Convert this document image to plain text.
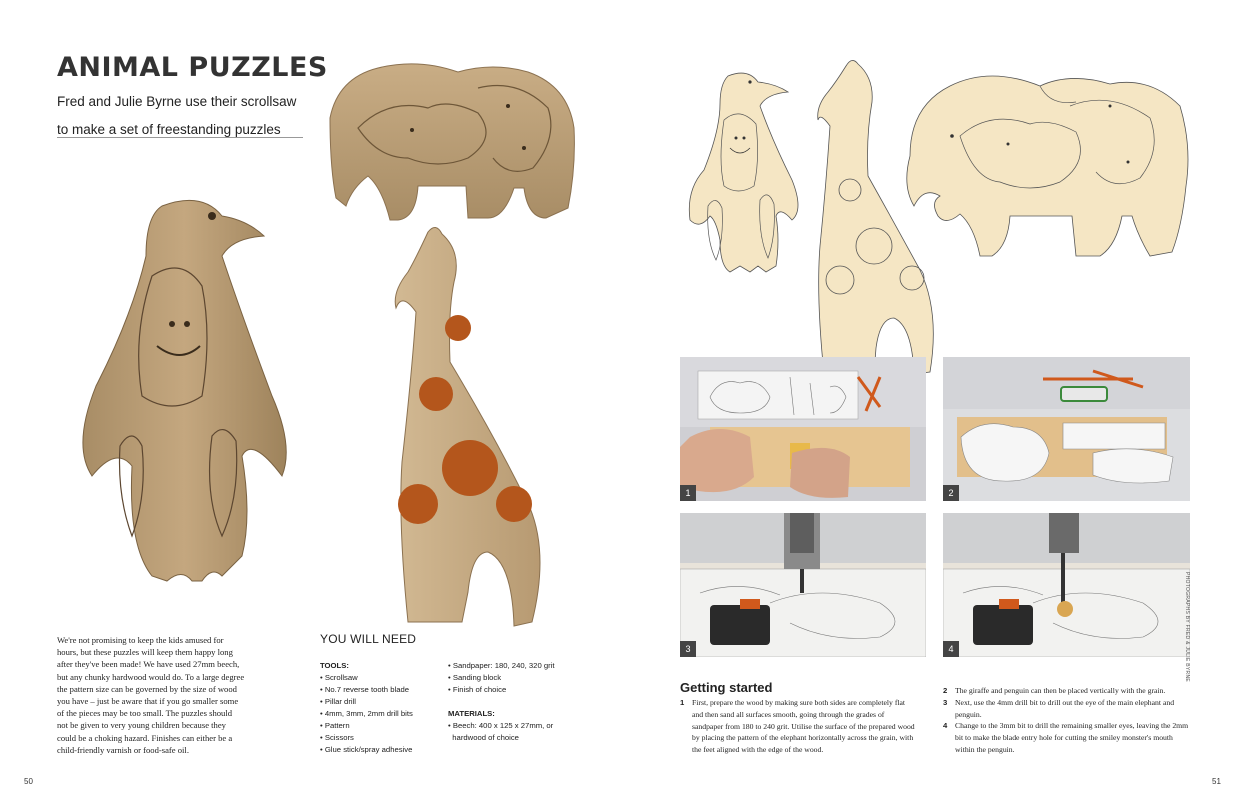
ANIMAL PUZZLES
Fred and Julie Byrne use their scrollsaw
to make a set of freestanding puzzles
We're not promising to keep the kids amused for hours, but these puzzles will keep them happy long after they've been made! We have used 27mm beech, but any chunky hardwood would do. To a large degree the pattern size can be governed by the size of wood you have – just be aware that if you go smaller some of the pieces may be too small. The puzzles should not be given to very young children because they could be a choking hazard. Finishes can either be a child-friendly varnish or food-safe oil.
YOU WILL NEED
TOOLS:
• Scrollsaw
• No.7 reverse tooth blade
• Pillar drill
• 4mm, 3mm, 2mm drill bits
• Pattern
• Scissors
• Glue stick/spray adhesive
• Sandpaper: 180, 240, 320 grit
• Sanding block
• Finish of choice
MATERIALS:
• Beech: 400 x 125 x 27mm, or
hardwood of choice
50
1	2
3	4	PHOTOGRAPHS BY FRED & JULIE BYRNE
Getting started
1 First, prepare the wood by making sure both sides are completely flat and then sand all surfaces smooth, going through the grades of sandpaper from 180 to 240 grit. Utilise the surface of the prepared wood by placing the pattern of the elephant horizontally across the grain, with the feet aligned with the edge of the wood.
2 The giraffe and penguin can then be placed vertically with the grain.
3 Next, use the 4mm drill bit to drill out the eye of the main elephant and penguin.
4 Change to the 3mm bit to drill the remaining smaller eyes, leaving the 2mm bit to make the blade entry hole for cutting the smiley monster's mouth within the penguin.
51
